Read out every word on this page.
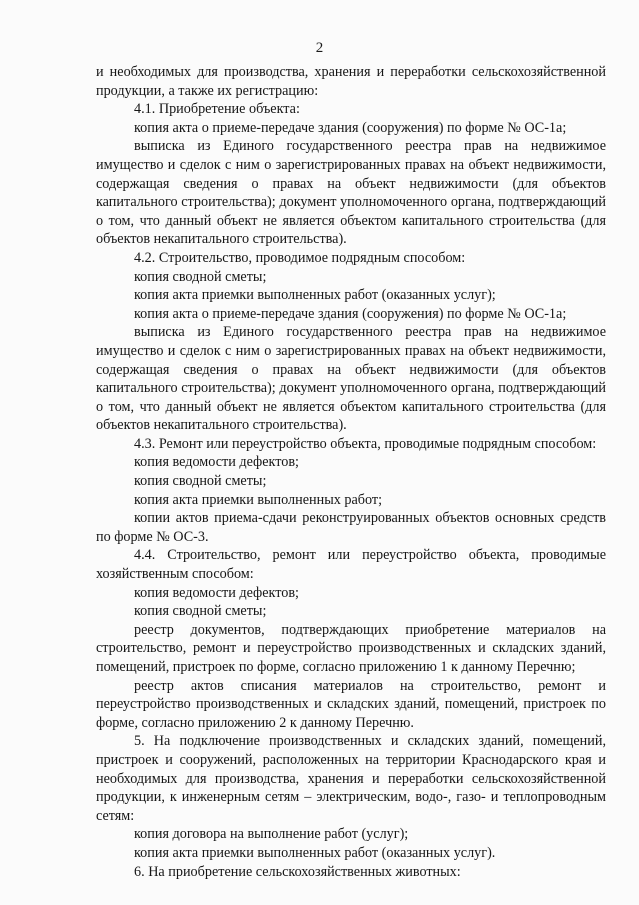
2

и необходимых для производства, хранения и переработки сельскохозяйственной продукции, а также их регистрацию:

4.1. Приобретение объекта:

копия акта о приеме-передаче здания (сооружения) по форме № ОС-1а;

выписка из Единого государственного реестра прав на недвижимое имущество и сделок с ним о зарегистрированных правах на объект недвижимости, содержащая сведения о правах на объект недвижимости (для объектов капитального строительства); документ уполномоченного органа, подтверждающий о том, что данный объект не является объектом капитального строительства (для объектов некапитального строительства).

4.2. Строительство, проводимое подрядным способом:

копия сводной сметы;

копия акта приемки выполненных работ (оказанных услуг);

копия акта о приеме-передаче здания (сооружения) по форме № ОС-1а;

выписка из Единого государственного реестра прав на недвижимое имущество и сделок с ним о зарегистрированных правах на объект недвижимости, содержащая сведения о правах на объект недвижимости (для объектов капитального строительства); документ уполномоченного органа, подтверждающий о том, что данный объект не является объектом капитального строительства (для объектов некапитального строительства).

4.3. Ремонт или переустройство объекта, проводимые подрядным способом:

копия ведомости дефектов;

копия сводной сметы;

копия акта приемки выполненных работ;

копии актов приема-сдачи реконструированных объектов основных средств по форме № ОС-3.

4.4. Строительство, ремонт или переустройство объекта, проводимые хозяйственным способом:

копия ведомости дефектов;

копия сводной сметы;

реестр документов, подтверждающих приобретение материалов на строительство, ремонт и переустройство производственных и складских зданий, помещений, пристроек по форме, согласно приложению 1 к данному Перечню;

реестр актов списания материалов на строительство, ремонт и переустройство производственных и складских зданий, помещений, пристроек по форме, согласно приложению 2 к данному Перечню.

5. На подключение производственных и складских зданий, помещений, пристроек и сооружений, расположенных на территории Краснодарского края и необходимых для производства, хранения и переработки сельскохозяйственной продукции, к инженерным сетям – электрическим, водо-, газо- и теплопроводным сетям:

копия договора на выполнение работ (услуг);

копия акта приемки выполненных работ (оказанных услуг).

6. На приобретение сельскохозяйственных животных:
